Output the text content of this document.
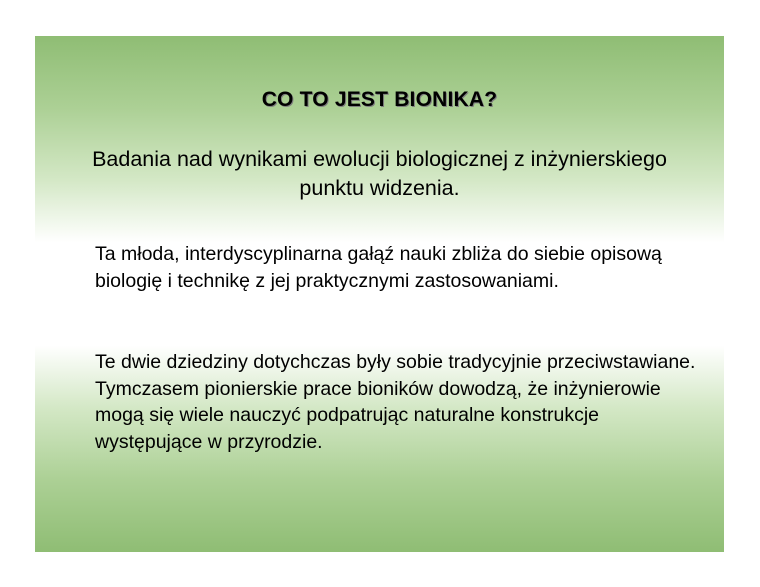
CO TO JEST BIONIKA?

Badania nad wynikami ewolucji biologicznej z inżynierskiego punktu widzenia.

Ta młoda, interdyscyplinarna gałąź nauki zbliża do siebie opisową biologię i technikę z jej praktycznymi zastosowaniami.

Te dwie dziedziny dotychczas były sobie tradycyjnie przeciwstawiane.
Tymczasem pionierskie prace bioników dowodzą, że inżynierowie mogą się wiele nauczyć podpatrując naturalne konstrukcje występujące w przyrodzie.
